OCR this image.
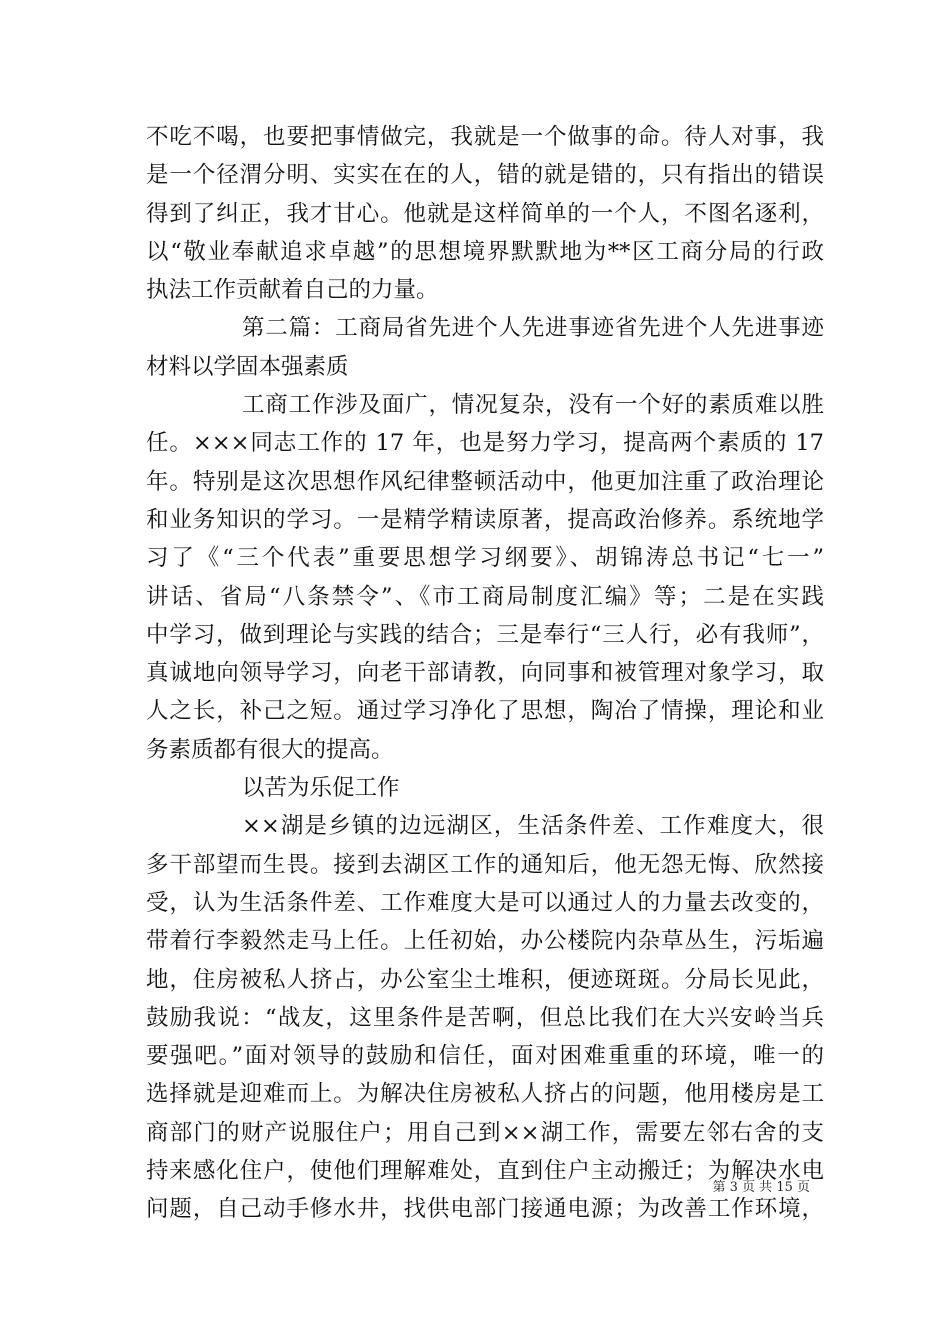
不吃不喝，也要把事情做完，我就是一个做事的命。待人对事，我
是一个径渭分明、实实在在的人，错的就是错的，只有指出的错误
得到了纠正，我才甘心。他就是这样简单的一个人，不图名逐利，
以“敬业奉献追求卓越”的思想境界默默地为**区工商分局的行政
执法工作贡献着自己的力量。
第二篇：工商局省先进个人先进事迹省先进个人先进事迹
材料以学固本强素质
工商工作涉及面广，情况复杂，没有一个好的素质难以胜
任。×××同志工作的 17 年，也是努力学习，提高两个素质的 17
年。特别是这次思想作风纪律整顿活动中，他更加注重了政治理论
和业务知识的学习。一是精学精读原著，提高政治修养。系统地学
习了《“三个代表”重要思想学习纲要》、胡锦涛总书记“七一”
讲话、省局“八条禁令”、《市工商局制度汇编》等；二是在实践
中学习，做到理论与实践的结合；三是奉行“三人行，必有我师”，
真诚地向领导学习，向老干部请教，向同事和被管理对象学习，取
人之长，补己之短。通过学习净化了思想，陶冶了情操，理论和业
务素质都有很大的提高。
以苦为乐促工作
××湖是乡镇的边远湖区，生活条件差、工作难度大，很
多干部望而生畏。接到去湖区工作的通知后，他无怨无悔、欣然接
受，认为生活条件差、工作难度大是可以通过人的力量去改变的，
带着行李毅然走马上任。上任初始，办公楼院内杂草丛生，污垢遍
地，住房被私人挤占，办公室尘土堆积，便迹斑斑。分局长见此，
鼓励我说：“战友，这里条件是苦啊，但总比我们在大兴安岭当兵
要强吧。”面对领导的鼓励和信任，面对困难重重的环境，唯一的
选择就是迎难而上。为解决住房被私人挤占的问题，他用楼房是工
商部门的财产说服住户；用自己到××湖工作，需要左邻右舍的支
持来感化住户，使他们理解难处，直到住户主动搬迁；为解决水电
问题，自己动手修水井，找供电部门接通电源；为改善工作环境，
第 3 页 共 15 页
